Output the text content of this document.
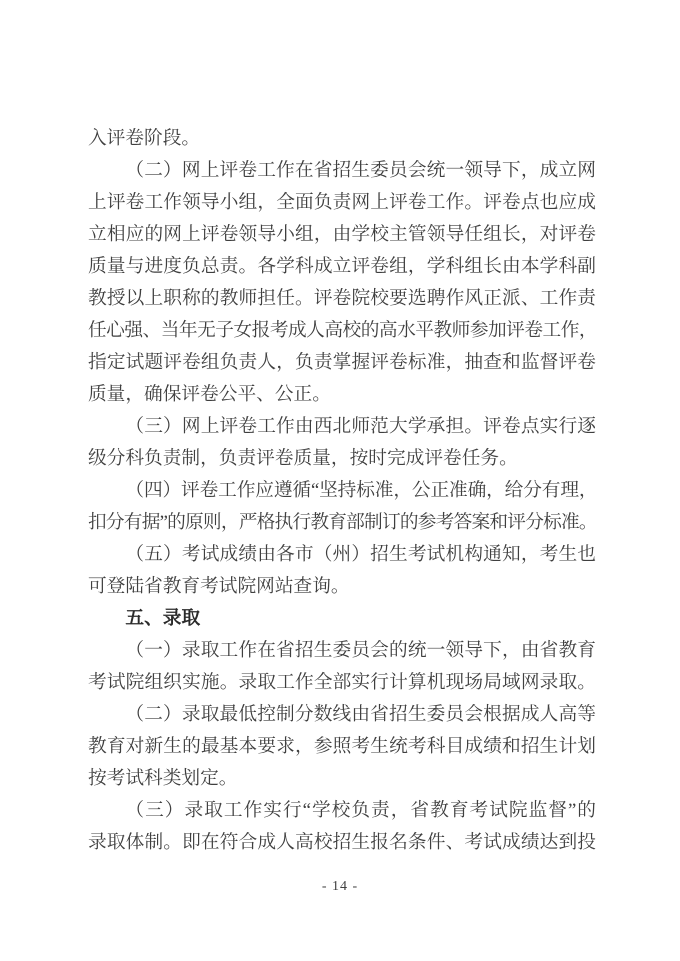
入评卷阶段。
（二）网上评卷工作在省招生委员会统一领导下，成立网
上评卷工作领导小组，全面负责网上评卷工作。评卷点也应成
立相应的网上评卷领导小组，由学校主管领导任组长，对评卷
质量与进度负总责。各学科成立评卷组，学科组长由本学科副
教授以上职称的教师担任。评卷院校要选聘作风正派、工作责
任心强、当年无子女报考成人高校的高水平教师参加评卷工作，
指定试题评卷组负责人，负责掌握评卷标准，抽查和监督评卷
质量，确保评卷公平、公正。
（三）网上评卷工作由西北师范大学承担。评卷点实行逐
级分科负责制，负责评卷质量，按时完成评卷任务。
（四）评卷工作应遵循“坚持标准，公正准确，给分有理，
扣分有据”的原则，严格执行教育部制订的参考答案和评分标准。
（五）考试成绩由各市（州）招生考试机构通知，考生也
可登陆省教育考试院网站查询。
五、录取
（一）录取工作在省招生委员会的统一领导下，由省教育
考试院组织实施。录取工作全部实行计算机现场局域网录取。
（二）录取最低控制分数线由省招生委员会根据成人高等
教育对新生的最基本要求，参照考生统考科目成绩和招生计划
按考试科类划定。
（三）录取工作实行“学校负责，省教育考试院监督”的
录取体制。即在符合成人高校招生报名条件、考试成绩达到投
- 14 -
